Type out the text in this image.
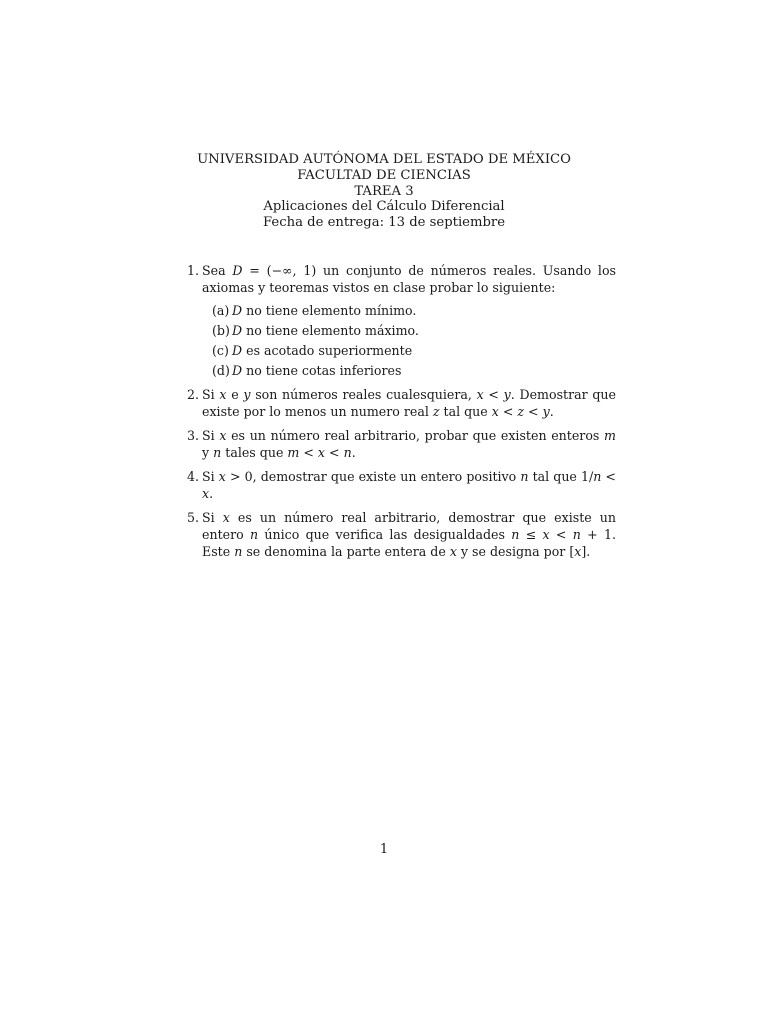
UNIVERSIDAD AUTÓNOMA DEL ESTADO DE MÉXICO
FACULTAD DE CIENCIAS
TAREA 3
Aplicaciones del Cálculo Diferencial
Fecha de entrega: 13 de septiembre
1. Sea D = (−∞, 1) un conjunto de números reales. Usando los axiomas y teoremas vistos en clase probar lo siguiente:
(a) D no tiene elemento mínimo.
(b) D no tiene elemento máximo.
(c) D es acotado superiormente
(d) D no tiene cotas inferiores
2. Si x e y son números reales cualesquiera, x < y. Demostrar que existe por lo menos un numero real z tal que x < z < y.
3. Si x es un número real arbitrario, probar que existen enteros m y n tales que m < x < n.
4. Si x > 0, demostrar que existe un entero positivo n tal que 1/n < x.
5. Si x es un número real arbitrario, demostrar que existe un entero n único que verifica las desigualdades n ≤ x < n + 1. Este n se denomina la parte entera de x y se designa por [x].
1
